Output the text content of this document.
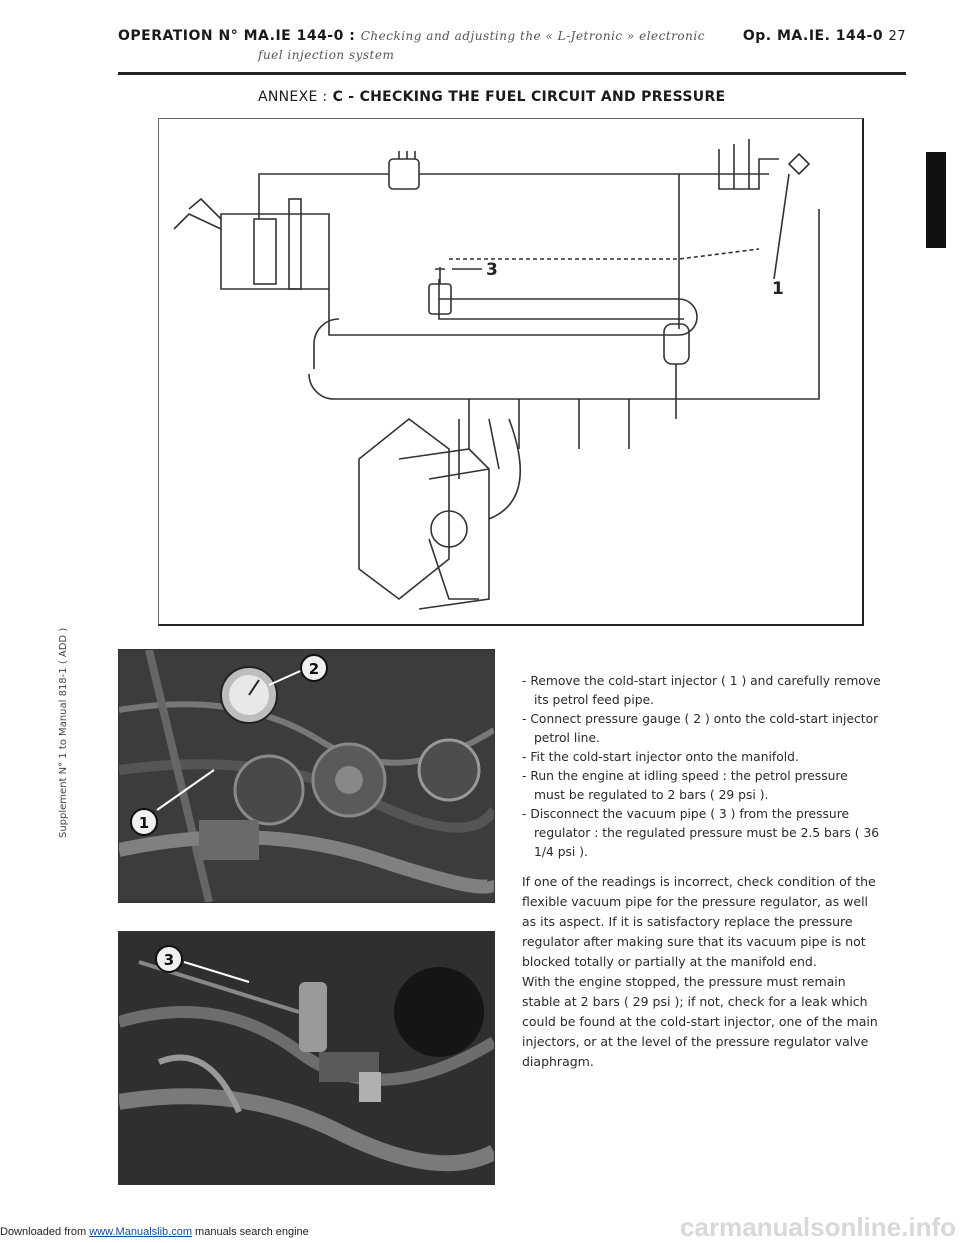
OPERATION N° MA.IE 144-0 : Checking and adjusting the « L-Jetronic » electronic
fuel injection system
Op. MA.IE. 144-0 27
ANNEXE : C - CHECKING THE FUEL CIRCUIT AND PRESSURE
3
1
2
1
3
Supplement N° 1 to Manual 818-1 ( ADD )	- Remove the cold-start injector ( 1 ) and carefully remove its petrol feed pipe.

- Connect pressure gauge ( 2 ) onto the cold-start injector petrol line.

- Fit the cold-start injector onto the manifold.

- Run the engine at idling speed : the petrol pressure must be regulated to 2 bars ( 29 psi ).

- Disconnect the vacuum pipe ( 3 ) from the pressure regulator : the regulated pressure must be 2.5 bars ( 36 1/4 psi ).

If one of the readings is incorrect, check condition of the flexible vacuum pipe for the pressure regulator, as well as its aspect. If it is satisfactory replace the pressure regulator after making sure that its vacuum pipe is not blocked totally or partially at the manifold end.

With the engine stopped, the pressure must remain stable at 2 bars ( 29 psi ); if not, check for a leak which could be found at the cold-start injector, one of the main injectors, or at the level of the pressure regulator valve diaphragm.

Downloaded from www.Manualslib.com manuals search engine	carmanualsonline.info
